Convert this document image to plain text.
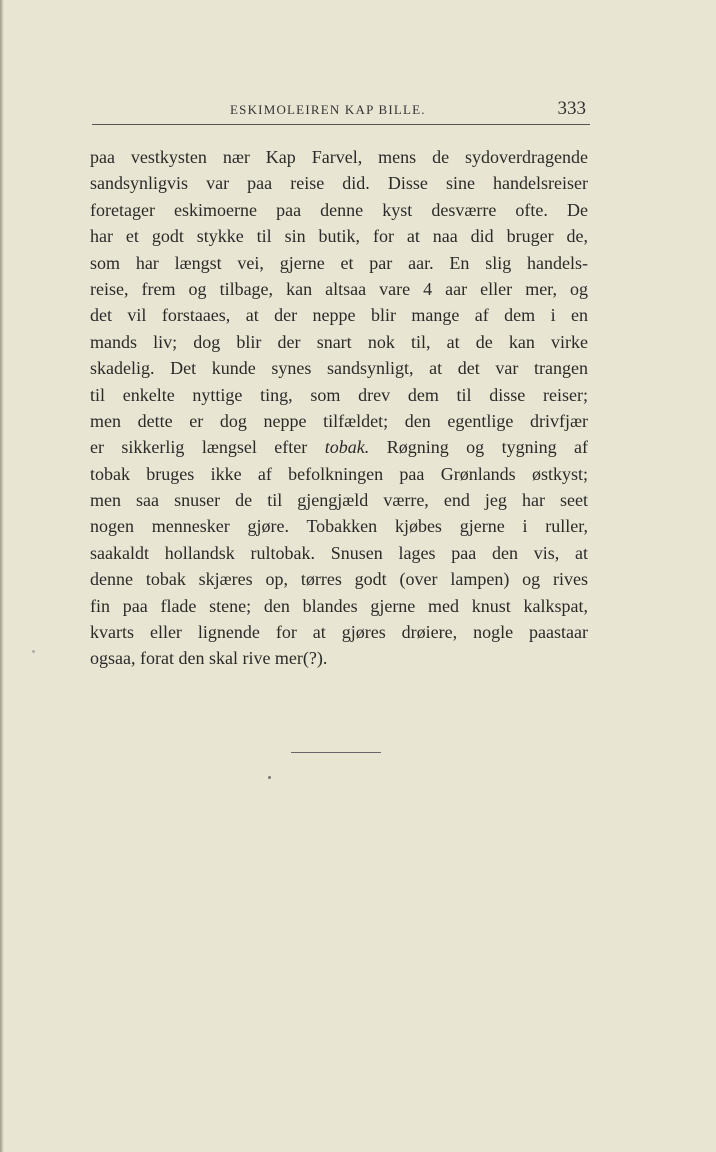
ESKIMOLEIREN KAP BILLE.	333
paa vestkysten nær Kap Farvel, mens de sydoverdragende
sandsynligvis var paa reise did. Disse sine handelsreiser
foretager eskimoerne paa denne kyst desværre ofte. De
har et godt stykke til sin butik, for at naa did bruger de,
som har længst vei, gjerne et par aar. En slig handels-
reise, frem og tilbage, kan altsaa vare 4 aar eller mer, og
det vil forstaaes, at der neppe blir mange af dem i en
mands liv; dog blir der snart nok til, at de kan virke
skadelig. Det kunde synes sandsynligt, at det var trangen
til enkelte nyttige ting, som drev dem til disse reiser;
men dette er dog neppe tilfældet; den egentlige drivfjær
er sikkerlig længsel efter tobak. Røgning og tygning af
tobak bruges ikke af befolkningen paa Grønlands østkyst;
men saa snuser de til gjengjæld værre, end jeg har seet
nogen mennesker gjøre. Tobakken kjøbes gjerne i ruller,
saakaldt hollandsk rultobak. Snusen lages paa den vis, at
denne tobak skjæres op, tørres godt (over lampen) og rives
fin paa flade stene; den blandes gjerne med knust kalkspat,
kvarts eller lignende for at gjøres drøiere, nogle paastaar
ogsaa, forat den skal rive mer(?).
